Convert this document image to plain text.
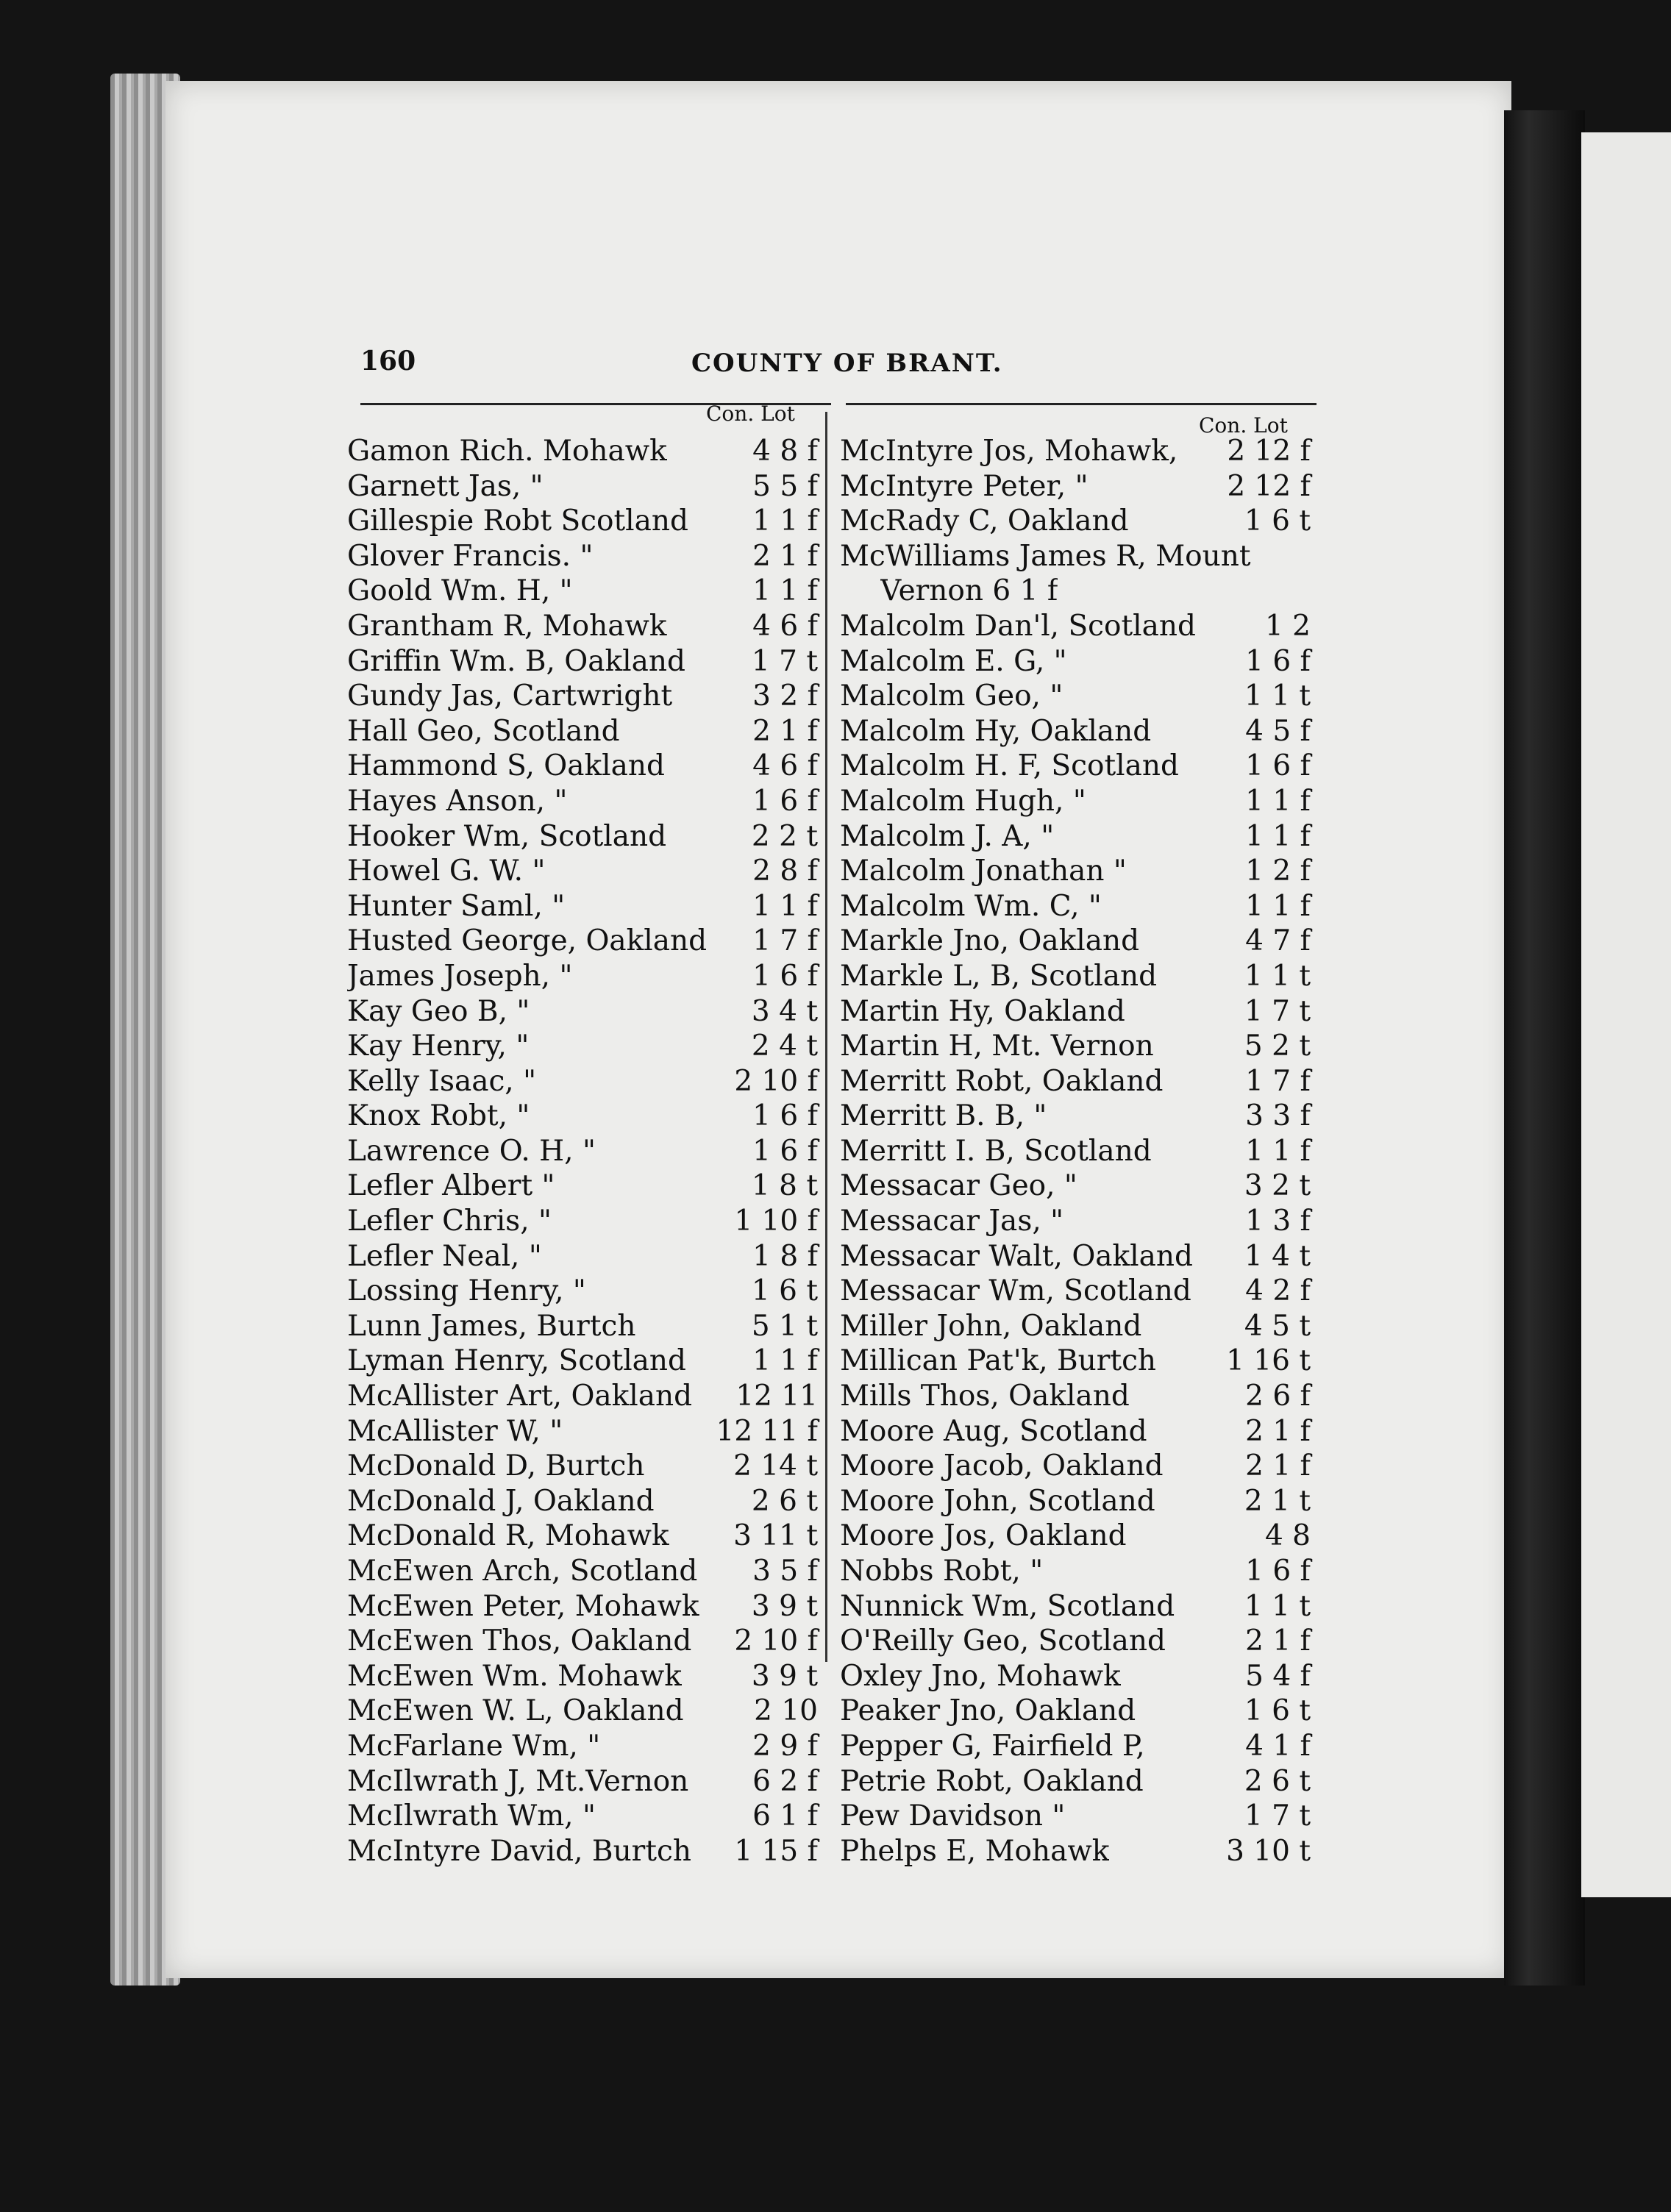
160	COUNTY OF BRANT.
Con. Lot	Con. Lot
Gamon Rich. Mohawk	4 8 f
Garnett Jas, "	5 5 f
Gillespie Robt Scotland 1 1 f
Glover Francis. "	2 1 f
Goold Wm. H, "	1 1 f
Grantham R, Mohawk	4 6 f
Griffin Wm. B, Oakland 1 7 t
Gundy Jas, Cartwright	3 2 f
Hall Geo, Scotland	2 1 f
Hammond S, Oakland	4 6 f
Hayes Anson, "	1 6 f
Hooker Wm, Scotland	2 2 t
Howel G. W. "	2 8 f
Hunter Saml, "	1 1 f
Husted George, Oakland 1 7 f
James Joseph, "	1 6 f
Kay Geo B, "	3 4 t
Kay Henry, "	2 4 t
Kelly Isaac, "	2 10 f
Knox Robt, "	1 6 f
Lawrence O. H, "	1 6 f
Lefler Albert "	1 8 t
Lefler Chris, "	1 10 f
Lefler Neal, "	1 8 f
Lossing Henry, "	1 6 t
Lunn James, Burtch	5 1 t
Lyman Henry, Scotland 1 1 f
McAllister Art, Oakland 12 11
McAllister W, "	12 11 f
McDonald D, Burtch	2 14 t
McDonald J, Oakland	2 6 t
McDonald R, Mohawk 3 11 t
McEwen Arch, Scotland 3 5 f
McEwen Peter, Mohawk 3 9 t
McEwen Thos, Oakland 2 10 f
McEwen Wm. Mohawk 3 9 t
McEwen W. L, Oakland 2 10
McFarlane Wm, "	2 9 f
McIlwrath J, Mt.Vernon 6 2 f
McIlwrath Wm, "	6 1 f
McIntyre David, Burtch 1 15 f
McIntyre Jos, Mohawk, 2 12 f
McIntyre Peter, "	2 12 f
McRady C, Oakland	1 6 t
McWilliams James R, Mount
Vernon 6 1 f
Malcolm Dan'l, Scotland 1 2
Malcolm E. G, "	1 6 f
Malcolm Geo, "	1 1 t
Malcolm Hy, Oakland	4 5 f
Malcolm H. F, Scotland 1 6 f
Malcolm Hugh, "	1 1 f
Malcolm J. A, "	1 1 f
Malcolm Jonathan "	1 2 f
Malcolm Wm. C, "	1 1 f
Markle Jno, Oakland	4 7 f
Markle L, B, Scotland	1 1 t
Martin Hy, Oakland	1 7 t
Martin H, Mt. Vernon	5 2 t
Merritt Robt, Oakland	1 7 f
Merritt B. B, "	3 3 f
Merritt I. B, Scotland	1 1 f
Messacar Geo, "	3 2 t
Messacar Jas, "	1 3 f
Messacar Walt, Oakland 1 4 t
Messacar Wm, Scotland 4 2 f
Miller John, Oakland	4 5 t
Millican Pat'k, Burtch 1 16 t
Mills Thos, Oakland	2 6 f
Moore Aug, Scotland	2 1 f
Moore Jacob, Oakland	2 1 f
Moore John, Scotland	2 1 t
Moore Jos, Oakland	4 8
Nobbs Robt, "	1 6 f
Nunnick Wm, Scotland 1 1 t
O'Reilly Geo, Scotland	2 1 f
Oxley Jno, Mohawk	5 4 f
Peaker Jno, Oakland	1 6 t
Pepper G, Fairfield P,	4 1 f
Petrie Robt, Oakland	2 6 t
Pew Davidson "	1 7 t
Phelps E, Mohawk	3 10 t
